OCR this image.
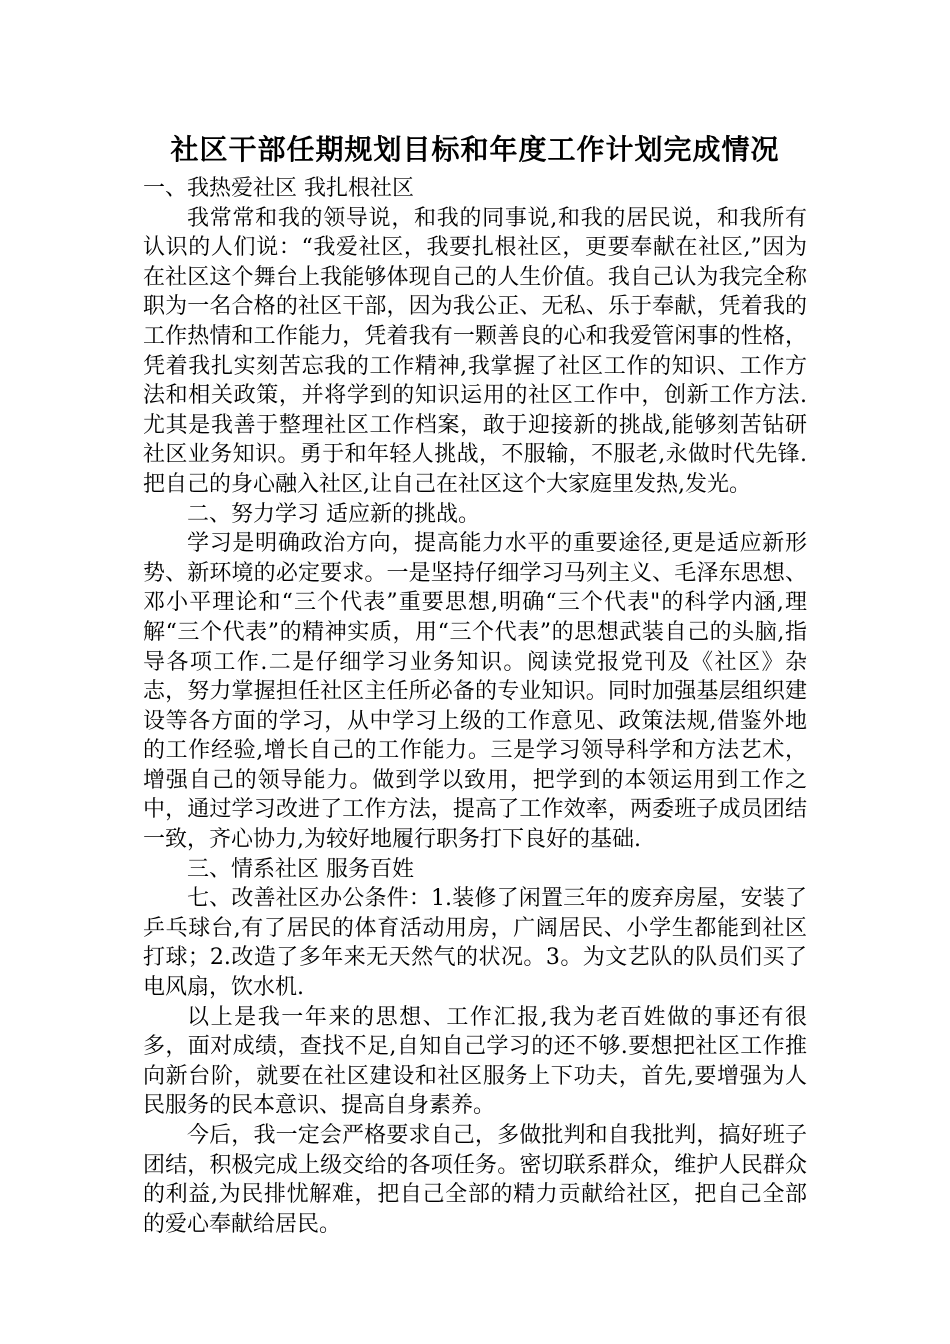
社区干部任期规划目标和年度工作计划完成情况

一、我热爱社区 我扎根社区

我常常和我的领导说，和我的同事说,和我的居民说，和我所有认识的人们说：“我爱社区，我要扎根社区，更要奉献在社区,”因为在社区这个舞台上我能够体现自己的人生价值。我自己认为我完全称职为一名合格的社区干部，因为我公正、无私、乐于奉献，凭着我的工作热情和工作能力，凭着我有一颗善良的心和我爱管闲事的性格，凭着我扎实刻苦忘我的工作精神,我掌握了社区工作的知识、工作方法和相关政策，并将学到的知识运用的社区工作中，创新工作方法.尤其是我善于整理社区工作档案，敢于迎接新的挑战,能够刻苦钻研社区业务知识。勇于和年轻人挑战，不服输，不服老,永做时代先锋.把自己的身心融入社区,让自己在社区这个大家庭里发热,发光。

二、努力学习 适应新的挑战。

学习是明确政治方向，提高能力水平的重要途径,更是适应新形势、新环境的必定要求。一是坚持仔细学习马列主义、毛泽东思想、邓小平理论和“三个代表”重要思想,明确“三个代表"的科学内涵,理解“三个代表”的精神实质，用“三个代表”的思想武装自己的头脑,指导各项工作.二是仔细学习业务知识。阅读党报党刊及《社区》杂志，努力掌握担任社区主任所必备的专业知识。同时加强基层组织建设等各方面的学习，从中学习上级的工作意见、政策法规,借鉴外地的工作经验,增长自己的工作能力。三是学习领导科学和方法艺术，增强自己的领导能力。做到学以致用，把学到的本领运用到工作之中，通过学习改进了工作方法，提高了工作效率，两委班子成员团结一致，齐心协力,为较好地履行职务打下良好的基础.

三、情系社区 服务百姓

七、改善社区办公条件：1.装修了闲置三年的废弃房屋，安装了乒乓球台,有了居民的体育活动用房，广阔居民、小学生都能到社区打球；2.改造了多年来无天然气的状况。3。为文艺队的队员们买了电风扇，饮水机.

以上是我一年来的思想、工作汇报,我为老百姓做的事还有很多，面对成绩，查找不足,自知自己学习的还不够.要想把社区工作推向新台阶，就要在社区建设和社区服务上下功夫，首先,要增强为人民服务的民本意识、提高自身素养。

今后，我一定会严格要求自己，多做批判和自我批判，搞好班子团结，积极完成上级交给的各项任务。密切联系群众，维护人民群众的利益,为民排忧解难，把自己全部的精力贡献给社区，把自己全部的爱心奉献给居民。
